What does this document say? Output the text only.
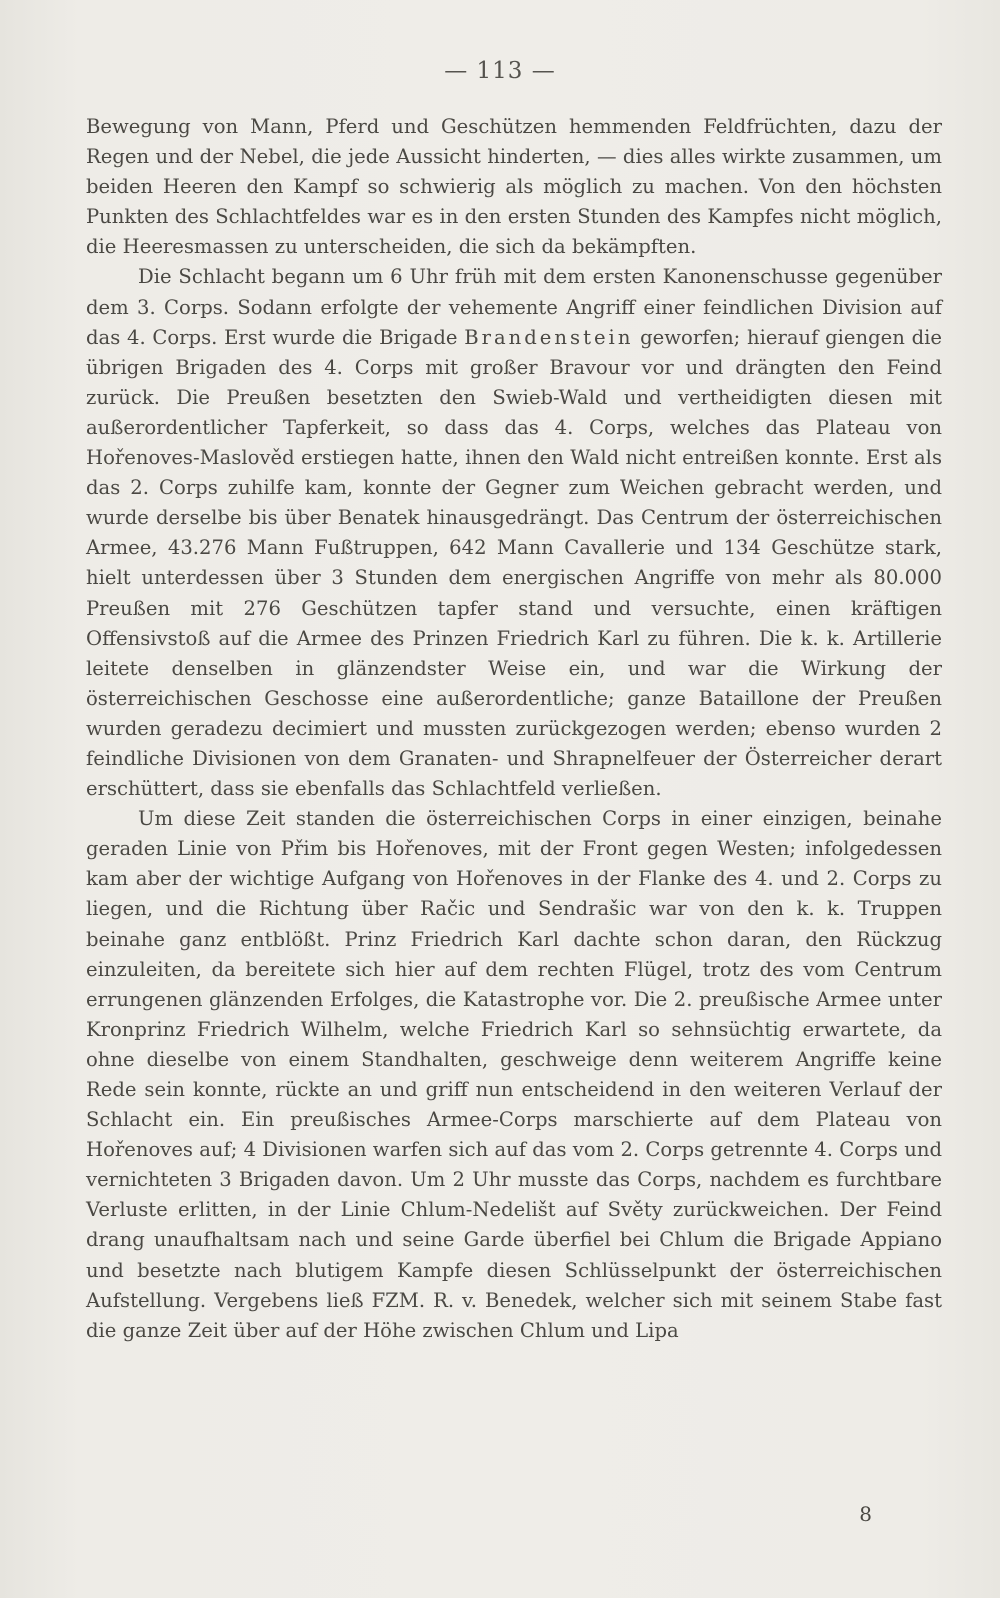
— 113 —

Bewegung von Mann, Pferd und Geschützen hemmenden Feldfrüchten, dazu der Regen und der Nebel, die jede Aussicht hinderten, — dies alles wirkte zusammen, um beiden Heeren den Kampf so schwierig als möglich zu machen. Von den höchsten Punkten des Schlachtfeldes war es in den ersten Stunden des Kampfes nicht möglich, die Heeresmassen zu unterscheiden, die sich da bekämpften.

Die Schlacht begann um 6 Uhr früh mit dem ersten Kanonenschusse gegenüber dem 3. Corps. Sodann erfolgte der vehemente Angriff einer feindlichen Division auf das 4. Corps. Erst wurde die Brigade Brandenstein geworfen; hierauf giengen die übrigen Brigaden des 4. Corps mit großer Bravour vor und drängten den Feind zurück. Die Preußen besetzten den Swieb-Wald und vertheidigten diesen mit außerordentlicher Tapferkeit, so dass das 4. Corps, welches das Plateau von Hořenoves-Maslověd erstiegen hatte, ihnen den Wald nicht entreißen konnte. Erst als das 2. Corps zuhilfe kam, konnte der Gegner zum Weichen gebracht werden, und wurde derselbe bis über Benatek hinausgedrängt. Das Centrum der österreichischen Armee, 43.276 Mann Fußtruppen, 642 Mann Cavallerie und 134 Geschütze stark, hielt unterdessen über 3 Stunden dem energischen Angriffe von mehr als 80.000 Preußen mit 276 Geschützen tapfer stand und versuchte, einen kräftigen Offensivstoß auf die Armee des Prinzen Friedrich Karl zu führen. Die k. k. Artillerie leitete denselben in glänzendster Weise ein, und war die Wirkung der österreichischen Geschosse eine außerordentliche; ganze Bataillone der Preußen wurden geradezu decimiert und mussten zurückgezogen werden; ebenso wurden 2 feindliche Divisionen von dem Granaten- und Shrapnelfeuer der Österreicher derart erschüttert, dass sie ebenfalls das Schlachtfeld verließen.

Um diese Zeit standen die österreichischen Corps in einer einzigen, beinahe geraden Linie von Přim bis Hořenoves, mit der Front gegen Westen; infolgedessen kam aber der wichtige Aufgang von Hořenoves in der Flanke des 4. und 2. Corps zu liegen, und die Richtung über Račic und Sendrašic war von den k. k. Truppen beinahe ganz entblößt. Prinz Friedrich Karl dachte schon daran, den Rückzug einzuleiten, da bereitete sich hier auf dem rechten Flügel, trotz des vom Centrum errungenen glänzenden Erfolges, die Katastrophe vor. Die 2. preußische Armee unter Kronprinz Friedrich Wilhelm, welche Friedrich Karl so sehnsüchtig erwartete, da ohne dieselbe von einem Standhalten, geschweige denn weiterem Angriffe keine Rede sein konnte, rückte an und griff nun entscheidend in den weiteren Verlauf der Schlacht ein. Ein preußisches Armee-Corps marschierte auf dem Plateau von Hořenoves auf; 4 Divisionen warfen sich auf das vom 2. Corps getrennte 4. Corps und vernichteten 3 Brigaden davon. Um 2 Uhr musste das Corps, nachdem es furchtbare Verluste erlitten, in der Linie Chlum-Nedelišt auf Světy zurückweichen. Der Feind drang unaufhaltsam nach und seine Garde überfiel bei Chlum die Brigade Appiano und besetzte nach blutigem Kampfe diesen Schlüsselpunkt der österreichischen Aufstellung. Vergebens ließ FZM. R. v. Benedek, welcher sich mit seinem Stabe fast die ganze Zeit über auf der Höhe zwischen Chlum und Lipa

8
